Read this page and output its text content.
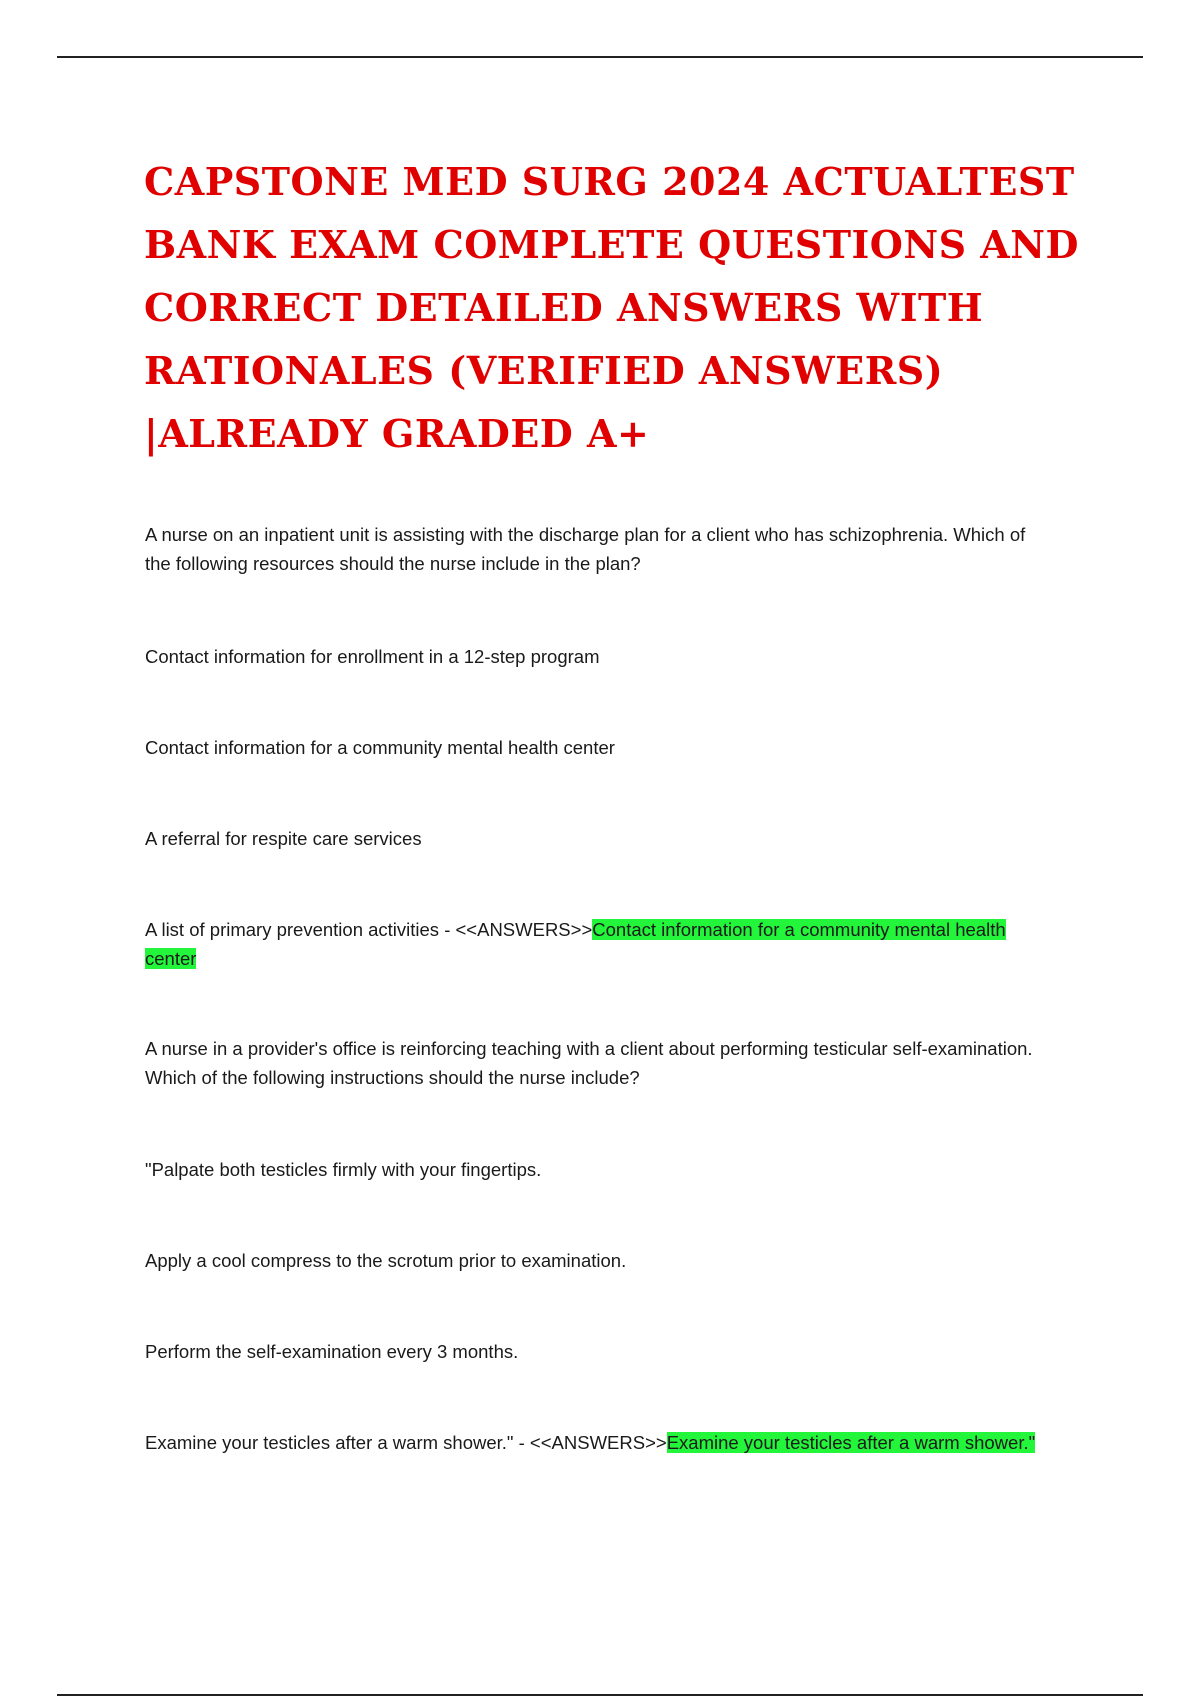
CAPSTONE MED SURG 2024 ACTUALTEST
BANK EXAM COMPLETE QUESTIONS AND
CORRECT DETAILED ANSWERS WITH
RATIONALES (VERIFIED ANSWERS)
|ALREADY GRADED A+

A nurse on an inpatient unit is assisting with the discharge plan for a client who has schizophrenia. Which of the following resources should the nurse include in the plan?

Contact information for enrollment in a 12-step program

Contact information for a community mental health center

A referral for respite care services

A list of primary prevention activities - <<ANSWERS>>Contact information for a community mental health center

A nurse in a provider's office is reinforcing teaching with a client about performing testicular self-examination. Which of the following instructions should the nurse include?

"Palpate both testicles firmly with your fingertips.

Apply a cool compress to the scrotum prior to examination.

Perform the self-examination every 3 months.

Examine your testicles after a warm shower." - <<ANSWERS>>Examine your testicles after a warm shower."
